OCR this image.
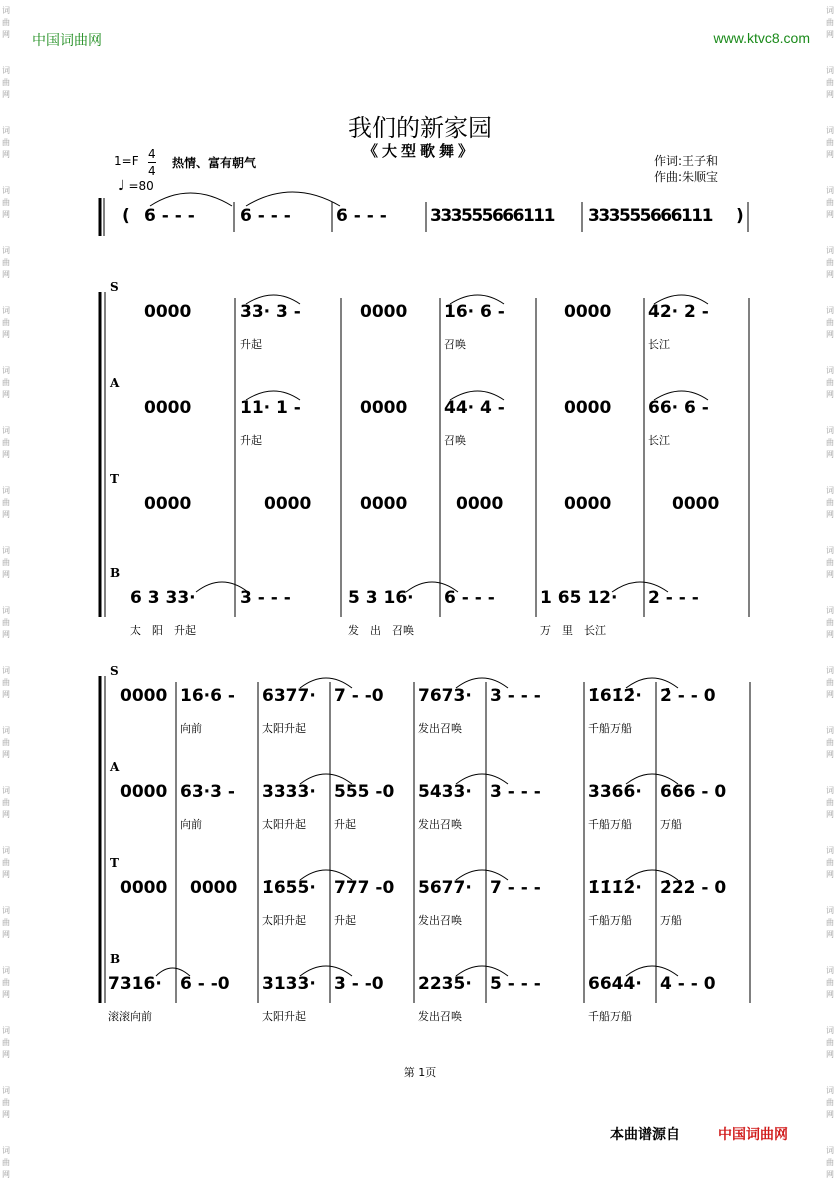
词
曲
网
词
曲
网
词
曲
网
词
曲
网
词
曲
网
词
曲
网
词
曲
网
词
曲
网
词
曲
网
词
曲
网
词
曲
网
词
曲
网
词
曲
网
词
曲
网
词
曲
网
词
曲
网
词
曲
网
词
曲
网
词
曲
网
词
曲
网
词
曲
网
词
曲
网
词
曲
网
词
曲
网
词
曲
网
词
曲
网
词
曲
网
词
曲
网
词
曲
网
词
曲
网
词
曲
网
词
曲
网
词
曲
网
词
曲
网
词
曲
网
词
曲
网
词
曲
网
词
曲
网
词
曲
网
词
曲
网
中国词曲网	www.ktvc8.com
我们的新家园
《大型歌舞》
1=F 4
4
热情、富有朝气	作词:王子和
作曲:朱顺宝
♩ =80
( 6 - - -	6 - - -	6 - - -	333555666111 333555666111 )
S
0000	33· 3 -
升起
0000 16· 6 -
召唤
0000 42· 2 -
长江
A
0000	11· 1 -
升起
0000 44· 4 -
召唤
0000 66· 6 -
长江
T
0000	0000	0000	0000	0000	0000
B
6 3 33·
太　阳　升起
3 - - -	5 3 16·
发　出　召唤
6 - - -	1 65 12·
万　里　长江
2 - - -
S
0000 16·6 -
向前
6377·
太阳升起
7 - -0 7673·
发出召唤
3 - - -	1̇61̇2̇·
千船万船
2̇ - - 0
A
0000 63·3 -
向前
3333·
太阳升起
555 -0
升起
5433·
发出召唤
3 - - -	3366·
千船万船
666 - 0
万船
T
0000 0000 1̇655·
太阳升起
777 -0
升起
5677·
发出召唤
7 - - -	1̇1̇1̇2̇·
千船万船
2̇2̇2̇ - 0
万船
B
7316·
滚滚向前
6 - -0 3133·
太阳升起
3 - -0 2235·
发出召唤
5 - - -	6644·
千船万船
4 - - 0
第 1页
本曲谱源自	中国词曲网
